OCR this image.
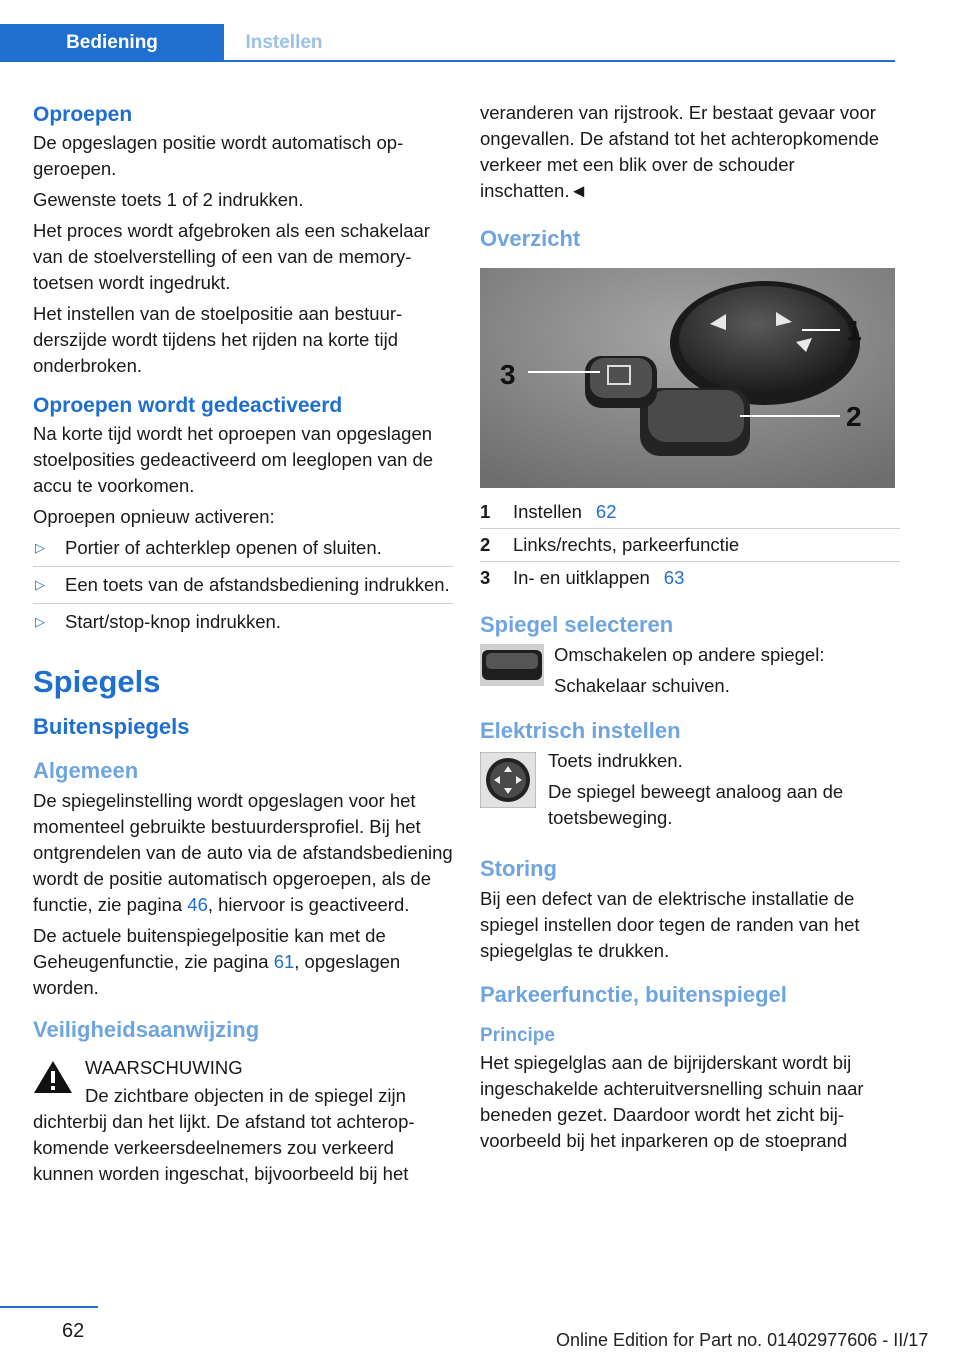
Bediening	Instellen
Oproepen
De opgeslagen positie wordt automatisch opgeroepen.
Gewenste toets 1 of 2 indrukken.
Het proces wordt afgebroken als een schakelaar van de stoelverstelling of een van de memory-toetsen wordt ingedrukt.
Het instellen van de stoelpositie aan bestuurderszijde wordt tijdens het rijden na korte tijd onderbroken.
Oproepen wordt gedeactiveerd
Na korte tijd wordt het oproepen van opgeslagen stoelposities gedeactiveerd om leeglopen van de accu te voorkomen.
Oproepen opnieuw activeren:
▷	Portier of achterklep openen of sluiten.
▷	Een toets van de afstandsbediening indrukken.
▷	Start/stop-knop indrukken.
Spiegels
Buitenspiegels
Algemeen
De spiegelinstelling wordt opgeslagen voor het momenteel gebruikte bestuurdersprofiel. Bij het ontgrendelen van de auto via de afstandsbediening wordt de positie automatisch opgeroepen, als de functie, zie pagina 46, hiervoor is geactiveerd.
De actuele buitenspiegelpositie kan met de Geheugenfunctie, zie pagina 61, opgeslagen worden.
Veiligheidsaanwijzing
WAARSCHUWING
De zichtbare objecten in de spiegel zijn dichterbij dan het lijkt. De afstand tot achteropkomende verkeersdeelnemers zou verkeerd kunnen worden ingeschat, bijvoorbeeld bij het
veranderen van rijstrook. Er bestaat gevaar voor ongevallen. De afstand tot het achteropkomende verkeer met een blik over de schouder inschatten.◄
Overzicht
1
2
3
1	Instellen 62
2	Links/rechts, parkeerfunctie
3	In- en uitklappen 63
Spiegel selecteren
Omschakelen op andere spiegel:
Schakelaar schuiven.
Elektrisch instellen
Toets indrukken.
De spiegel beweegt analoog aan de toetsbeweging.
Storing
Bij een defect van de elektrische installatie de spiegel instellen door tegen de randen van het spiegelglas te drukken.
Parkeerfunctie, buitenspiegel
Principe
Het spiegelglas aan de bijrijderskant wordt bij ingeschakelde achteruitversnelling schuin naar beneden gezet. Daardoor wordt het zicht bijvoorbeeld bij het inparkeren op de stoeprand
62	Online Edition for Part no. 01402977606 - II/17
